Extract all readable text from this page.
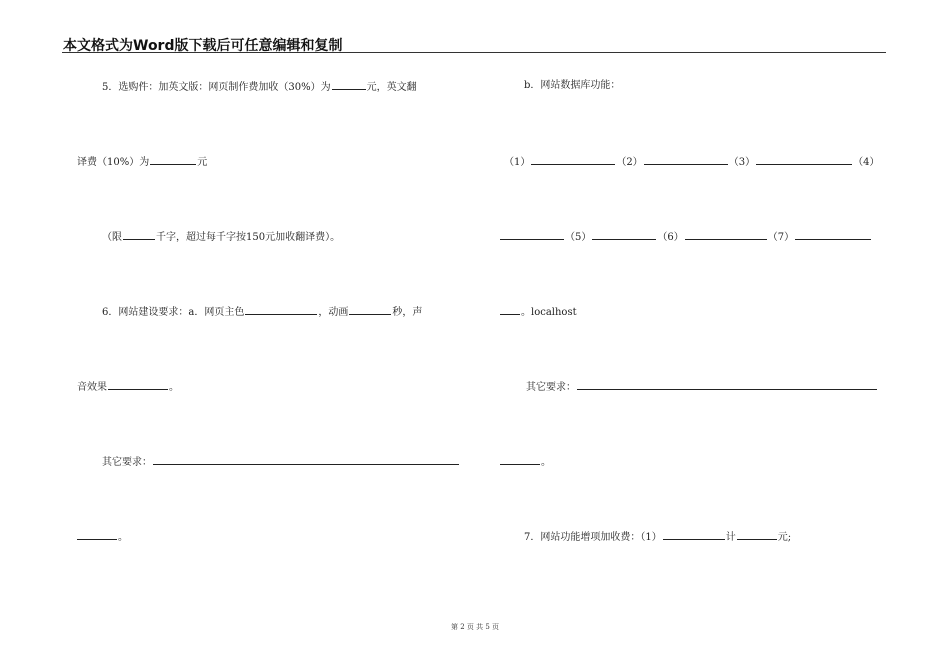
本文格式为Word版下载后可任意编辑和复制
5．选购件：加英文版：网页制作费加收（30%）为	元，英文翻
译费（10%）为	元
（限	千字，超过每千字按150元加收翻译费）。
6．网站建设要求：a．网页主色	，动画	秒，声
音效果	。
其它要求：
。
b．网站数据库功能：
（1）	（2）	（3）	（4）
（5）	（6）	（7）
。localhost
其它要求：
。
7．网站功能增项加收费：（1）	计	元;
第 2 页 共 5 页
